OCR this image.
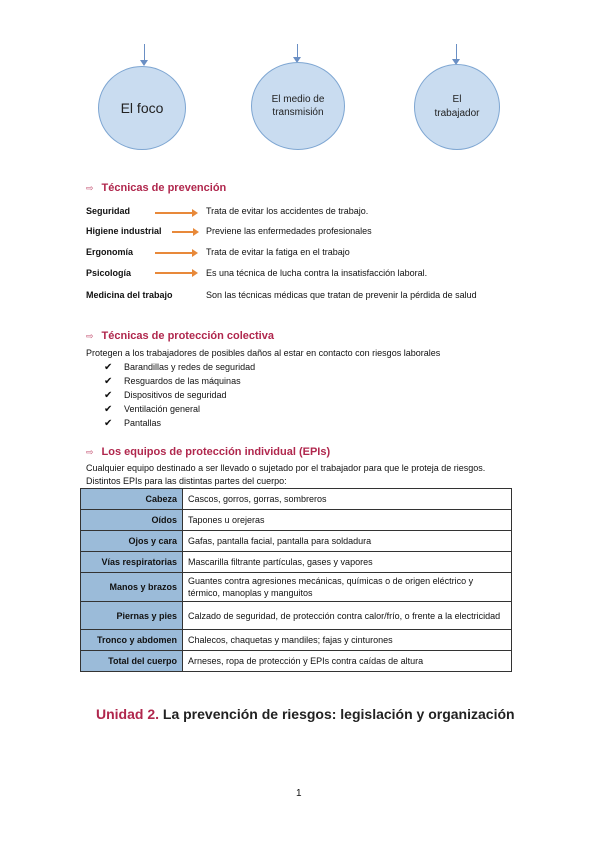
El foco
El medio de transmisión
El trabajador
⇨ Técnicas de prevención
Seguridad	Trata de evitar los accidentes de trabajo.
Higiene industrial	Previene las enfermedades profesionales
Ergonomía	Trata de evitar la fatiga en el trabajo
Psicología	Es una técnica de lucha contra la insatisfacción laboral.
Medicina del trabajo	Son las técnicas médicas que tratan de prevenir la pérdida de salud
⇨ Técnicas de protección colectiva
Protegen a los trabajadores de posibles daños al estar en contacto con riesgos laborales
✔ Barandillas y redes de seguridad
✔ Resguardos de las máquinas
✔ Dispositivos de seguridad
✔ Ventilación general
✔ Pantallas
⇨ Los equipos de protección individual (EPIs)
Cualquier equipo destinado a ser llevado o sujetado por el trabajador para que le proteja de riesgos. Distintos EPIs para las distintas partes del cuerpo:
Cabeza	Cascos, gorros, gorras, sombreros
Oídos	Tapones u orejeras
Ojos y cara	Gafas, pantalla facial, pantalla para soldadura
Vías respiratorias	Mascarilla filtrante partículas, gases y vapores
Manos y brazos	Guantes contra agresiones mecánicas, químicas o de origen eléctrico y térmico, manoplas y manguitos
Piernas y pies	Calzado de seguridad, de protección contra calor/frío, o frente a la electricidad
Tronco y abdomen	Chalecos, chaquetas y mandiles; fajas y cinturones
Total del cuerpo	Arneses, ropa de protección y EPIs contra caídas de altura
Unidad 2. La prevención de riesgos: legislación y organización
1
